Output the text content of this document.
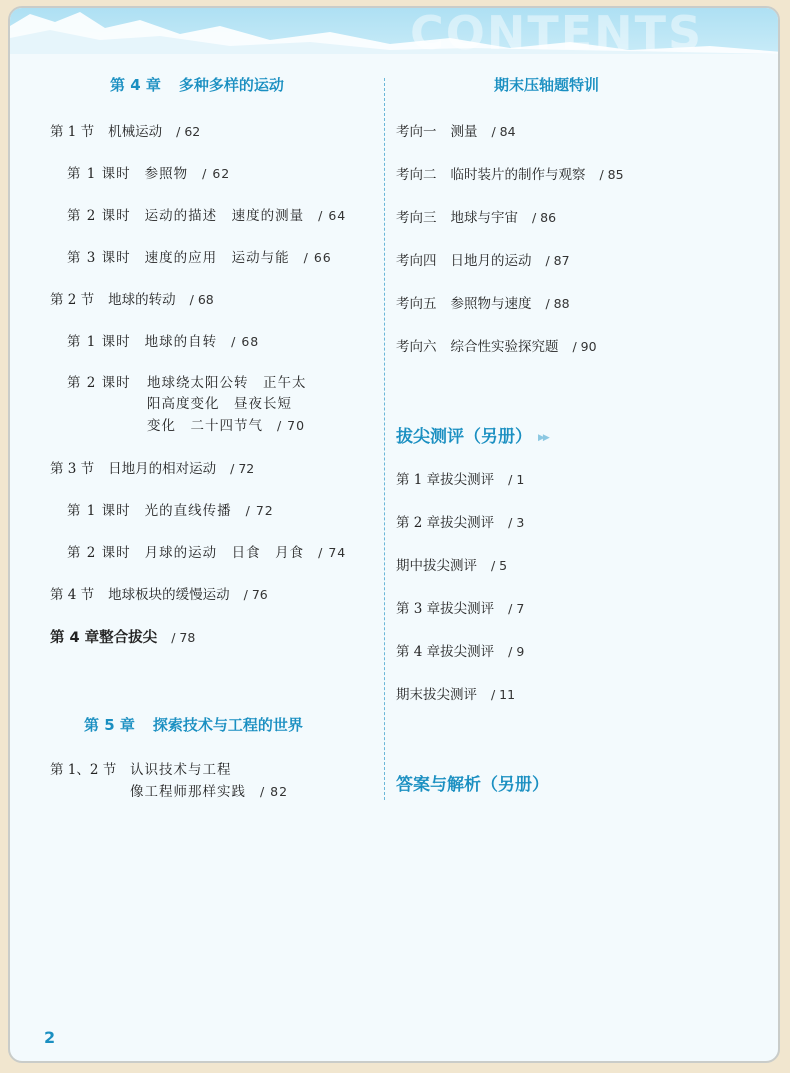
CONTENTS
第 4 章 多种多样的运动
第 1 节 机械运动 / 62
第 1 课时 参照物 / 62
第 2 课时 运动的描述　速度的测量 / 64
第 3 课时 速度的应用　运动与能 / 66
第 2 节 地球的转动 / 68
第 1 课时 地球的自转 / 68
第 2 课时 地球绕太阳公转　正午太
阳高度变化　昼夜长短
变化　二十四节气 / 70
第 3 节 日地月的相对运动 / 72
第 1 课时 光的直线传播 / 72
第 2 课时 月球的运动　日食　月食 / 74
第 4 节 地球板块的缓慢运动 / 76
第 4 章整合拔尖 / 78
第 5 章 探索技术与工程的世界
第 1、2 节 认识技术与工程
像工程师那样实践 / 82
期末压轴题特训
考向一 测量 / 84
考向二 临时装片的制作与观察 / 85
考向三 地球与宇宙 / 86
考向四 日地月的运动 / 87
考向五 参照物与速度 / 88
考向六 综合性实验探究题 / 90
拔尖测评（另册） ▶▶
第 1 章拔尖测评 / 1
第 2 章拔尖测评 / 3
期中拔尖测评 / 5
第 3 章拔尖测评 / 7
第 4 章拔尖测评 / 9
期末拔尖测评 / 11
答案与解析（另册）
2
